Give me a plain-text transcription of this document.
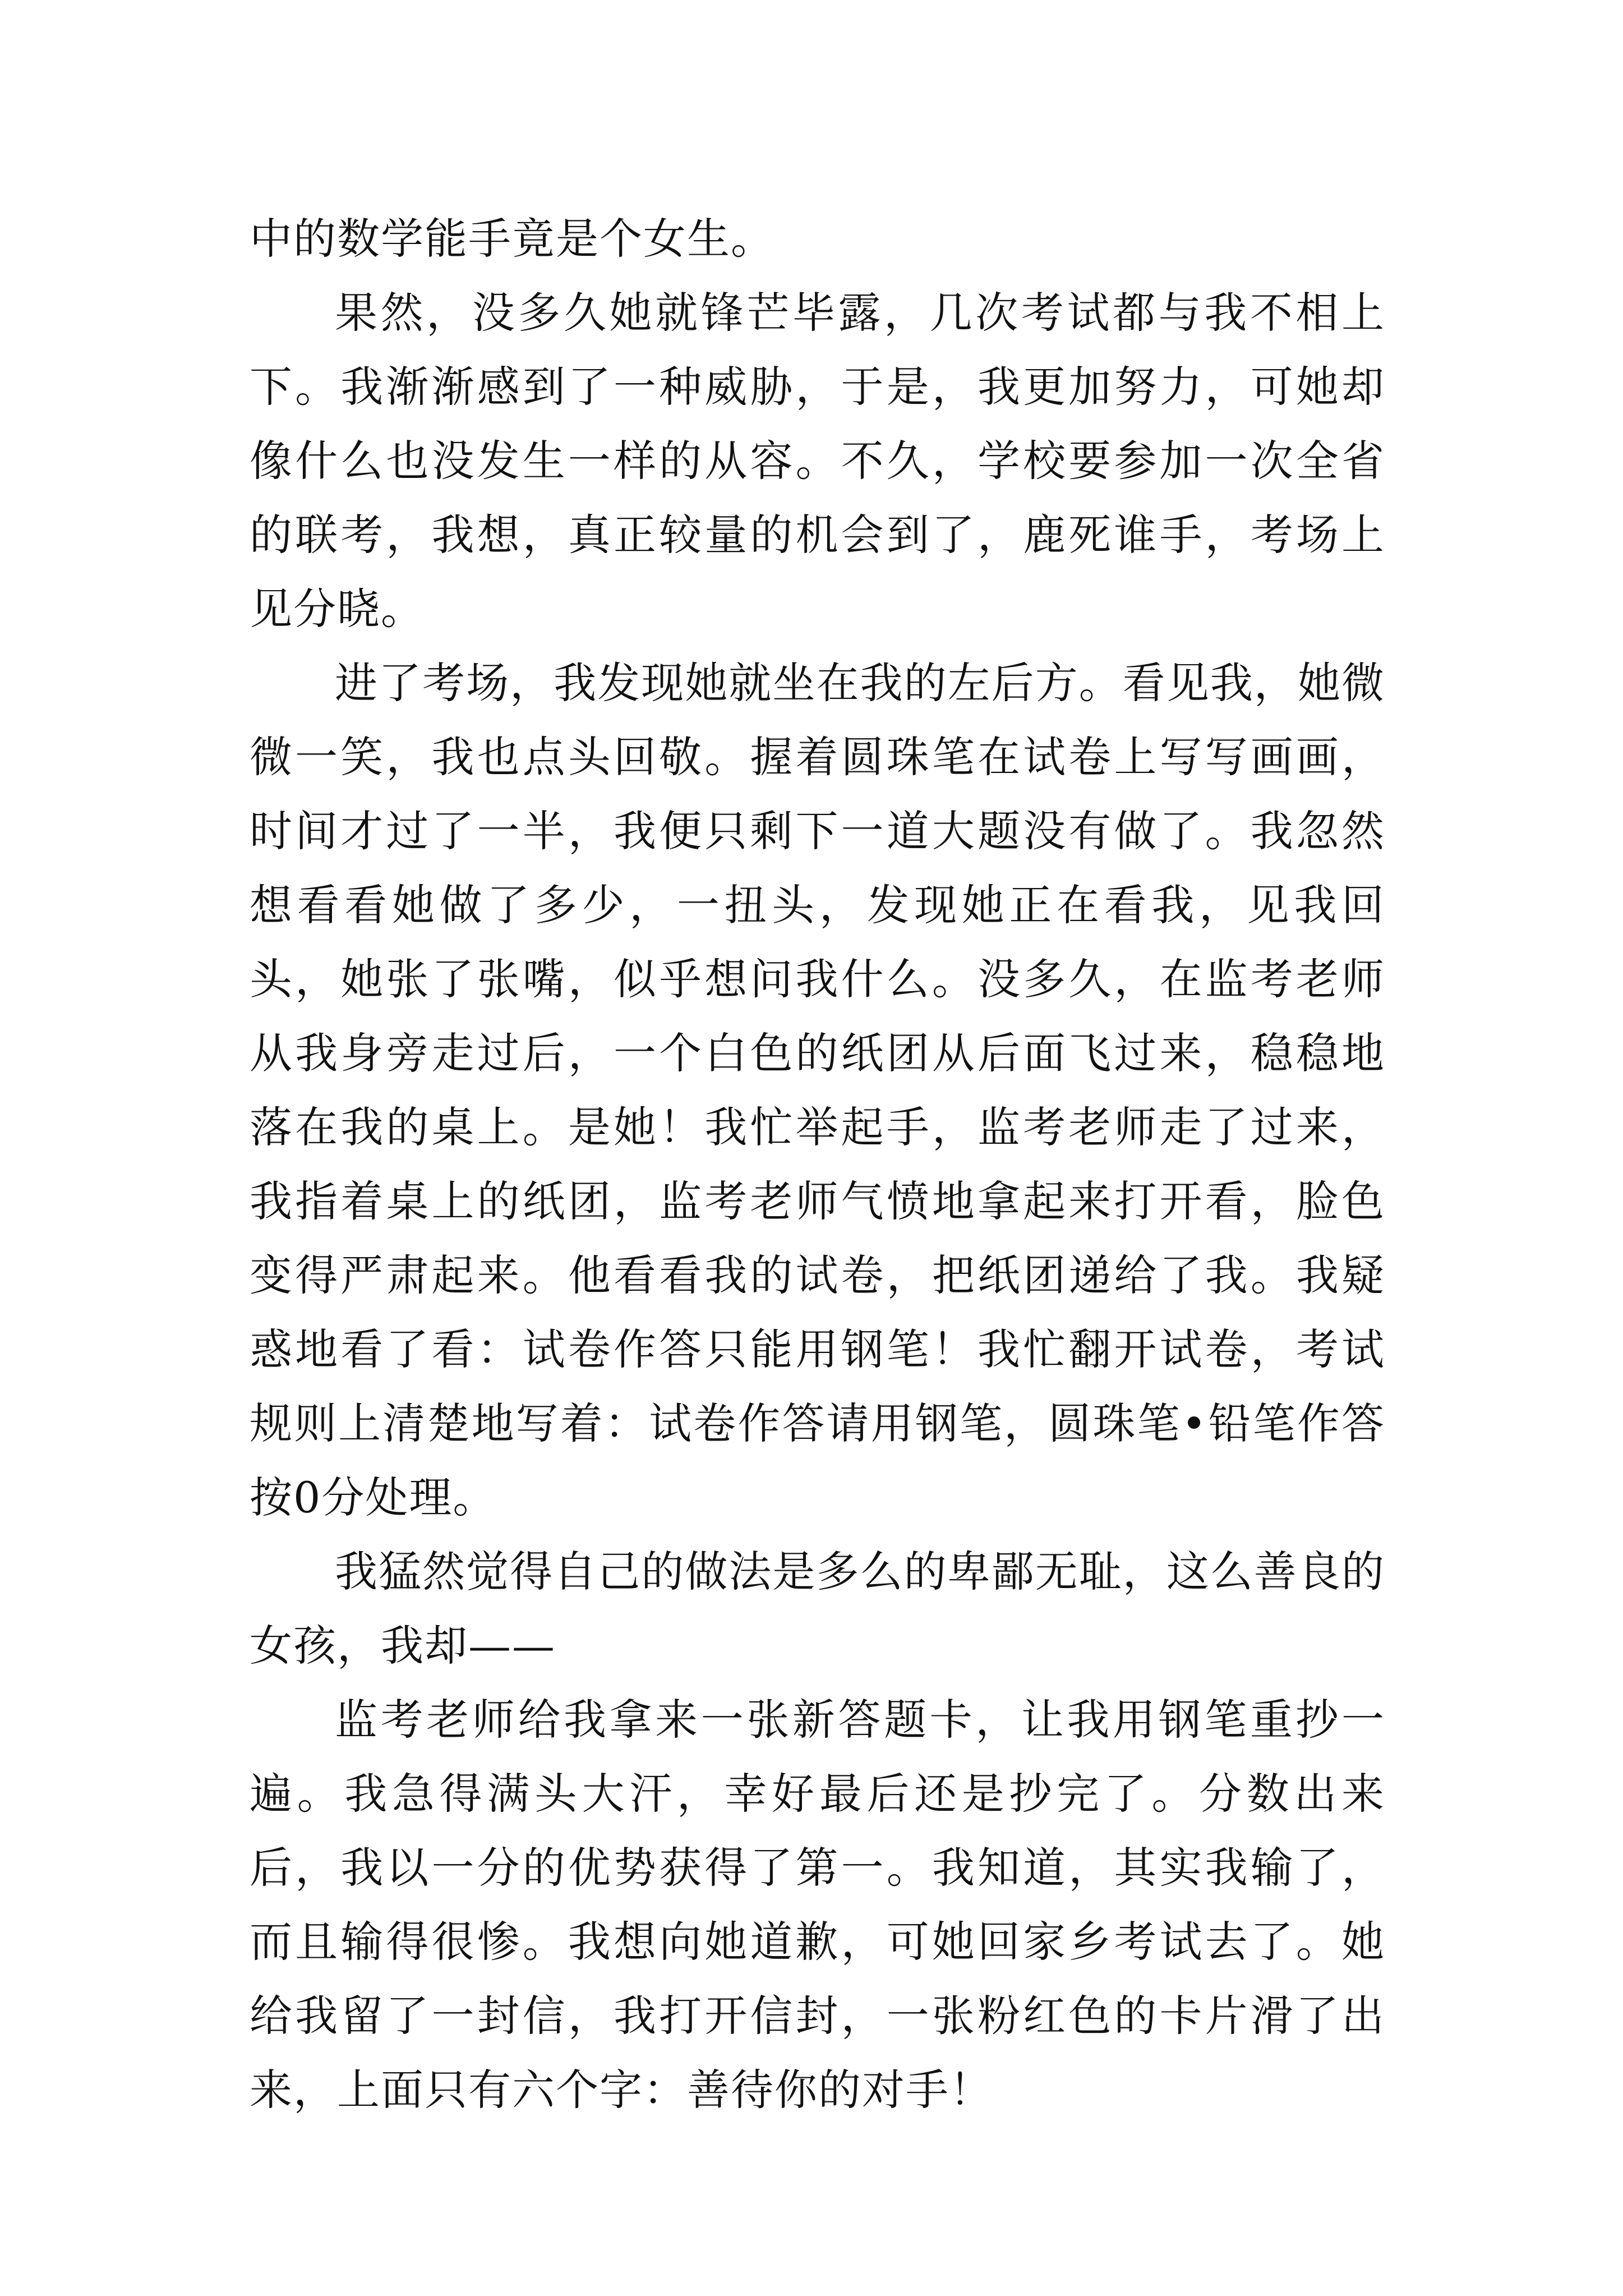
中的数学能手竟是个女生。

果然，没多久她就锋芒毕露，几次考试都与我不相上下。我渐渐感到了一种威胁，于是，我更加努力，可她却像什么也没发生一样的从容。不久，学校要参加一次全省的联考，我想，真正较量的机会到了，鹿死谁手，考场上见分晓。

进了考场，我发现她就坐在我的左后方。看见我，她微微一笑，我也点头回敬。握着圆珠笔在试卷上写写画画，时间才过了一半，我便只剩下一道大题没有做了。我忽然想看看她做了多少，一扭头，发现她正在看我，见我回头，她张了张嘴，似乎想问我什么。没多久，在监考老师从我身旁走过后，一个白色的纸团从后面飞过来，稳稳地落在我的桌上。是她！我忙举起手，监考老师走了过来，我指着桌上的纸团，监考老师气愤地拿起来打开看，脸色变得严肃起来。他看看我的试卷，把纸团递给了我。我疑惑地看了看：试卷作答只能用钢笔！我忙翻开试卷，考试规则上清楚地写着：试卷作答请用钢笔，圆珠笔•铅笔作答按0分处理。

我猛然觉得自己的做法是多么的卑鄙无耻，这么善良的女孩，我却——

监考老师给我拿来一张新答题卡，让我用钢笔重抄一遍。我急得满头大汗，幸好最后还是抄完了。分数出来后，我以一分的优势获得了第一。我知道，其实我输了，而且输得很惨。我想向她道歉，可她回家乡考试去了。她给我留了一封信，我打开信封，一张粉红色的卡片滑了出来，上面只有六个字：善待你的对手！
